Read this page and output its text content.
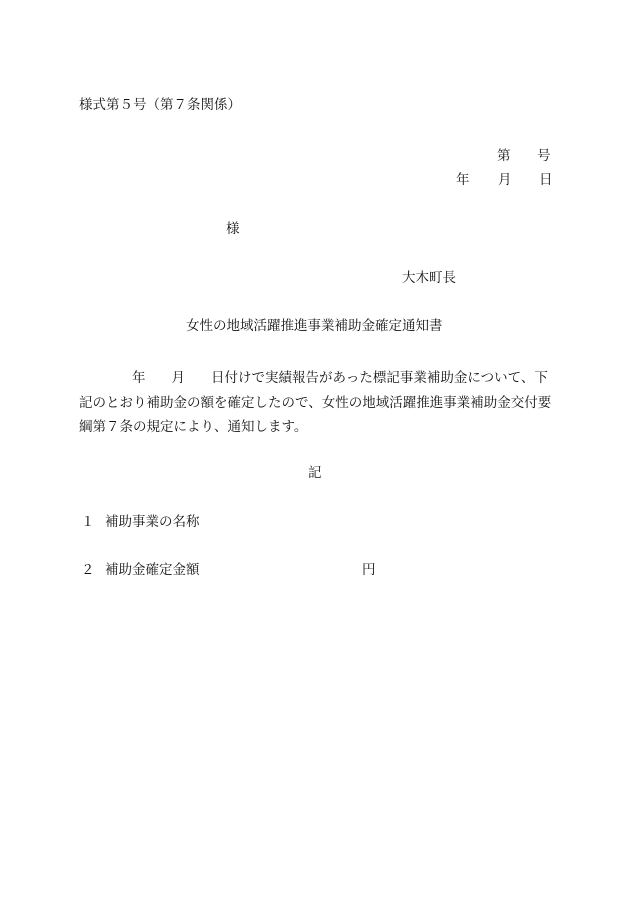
様式第５号（第７条関係）
第 号
年 月 日
様
大木町長
女性の地域活躍推進事業補助金確定通知書
年 月 日付けで実績報告があった標記事業補助金について、下
記のとおり補助金の額を確定したので、女性の地域活躍推進事業補助金交付要
綱第７条の規定により、通知します。
記
１ 補助事業の名称
２ 補助金確定金額	円
